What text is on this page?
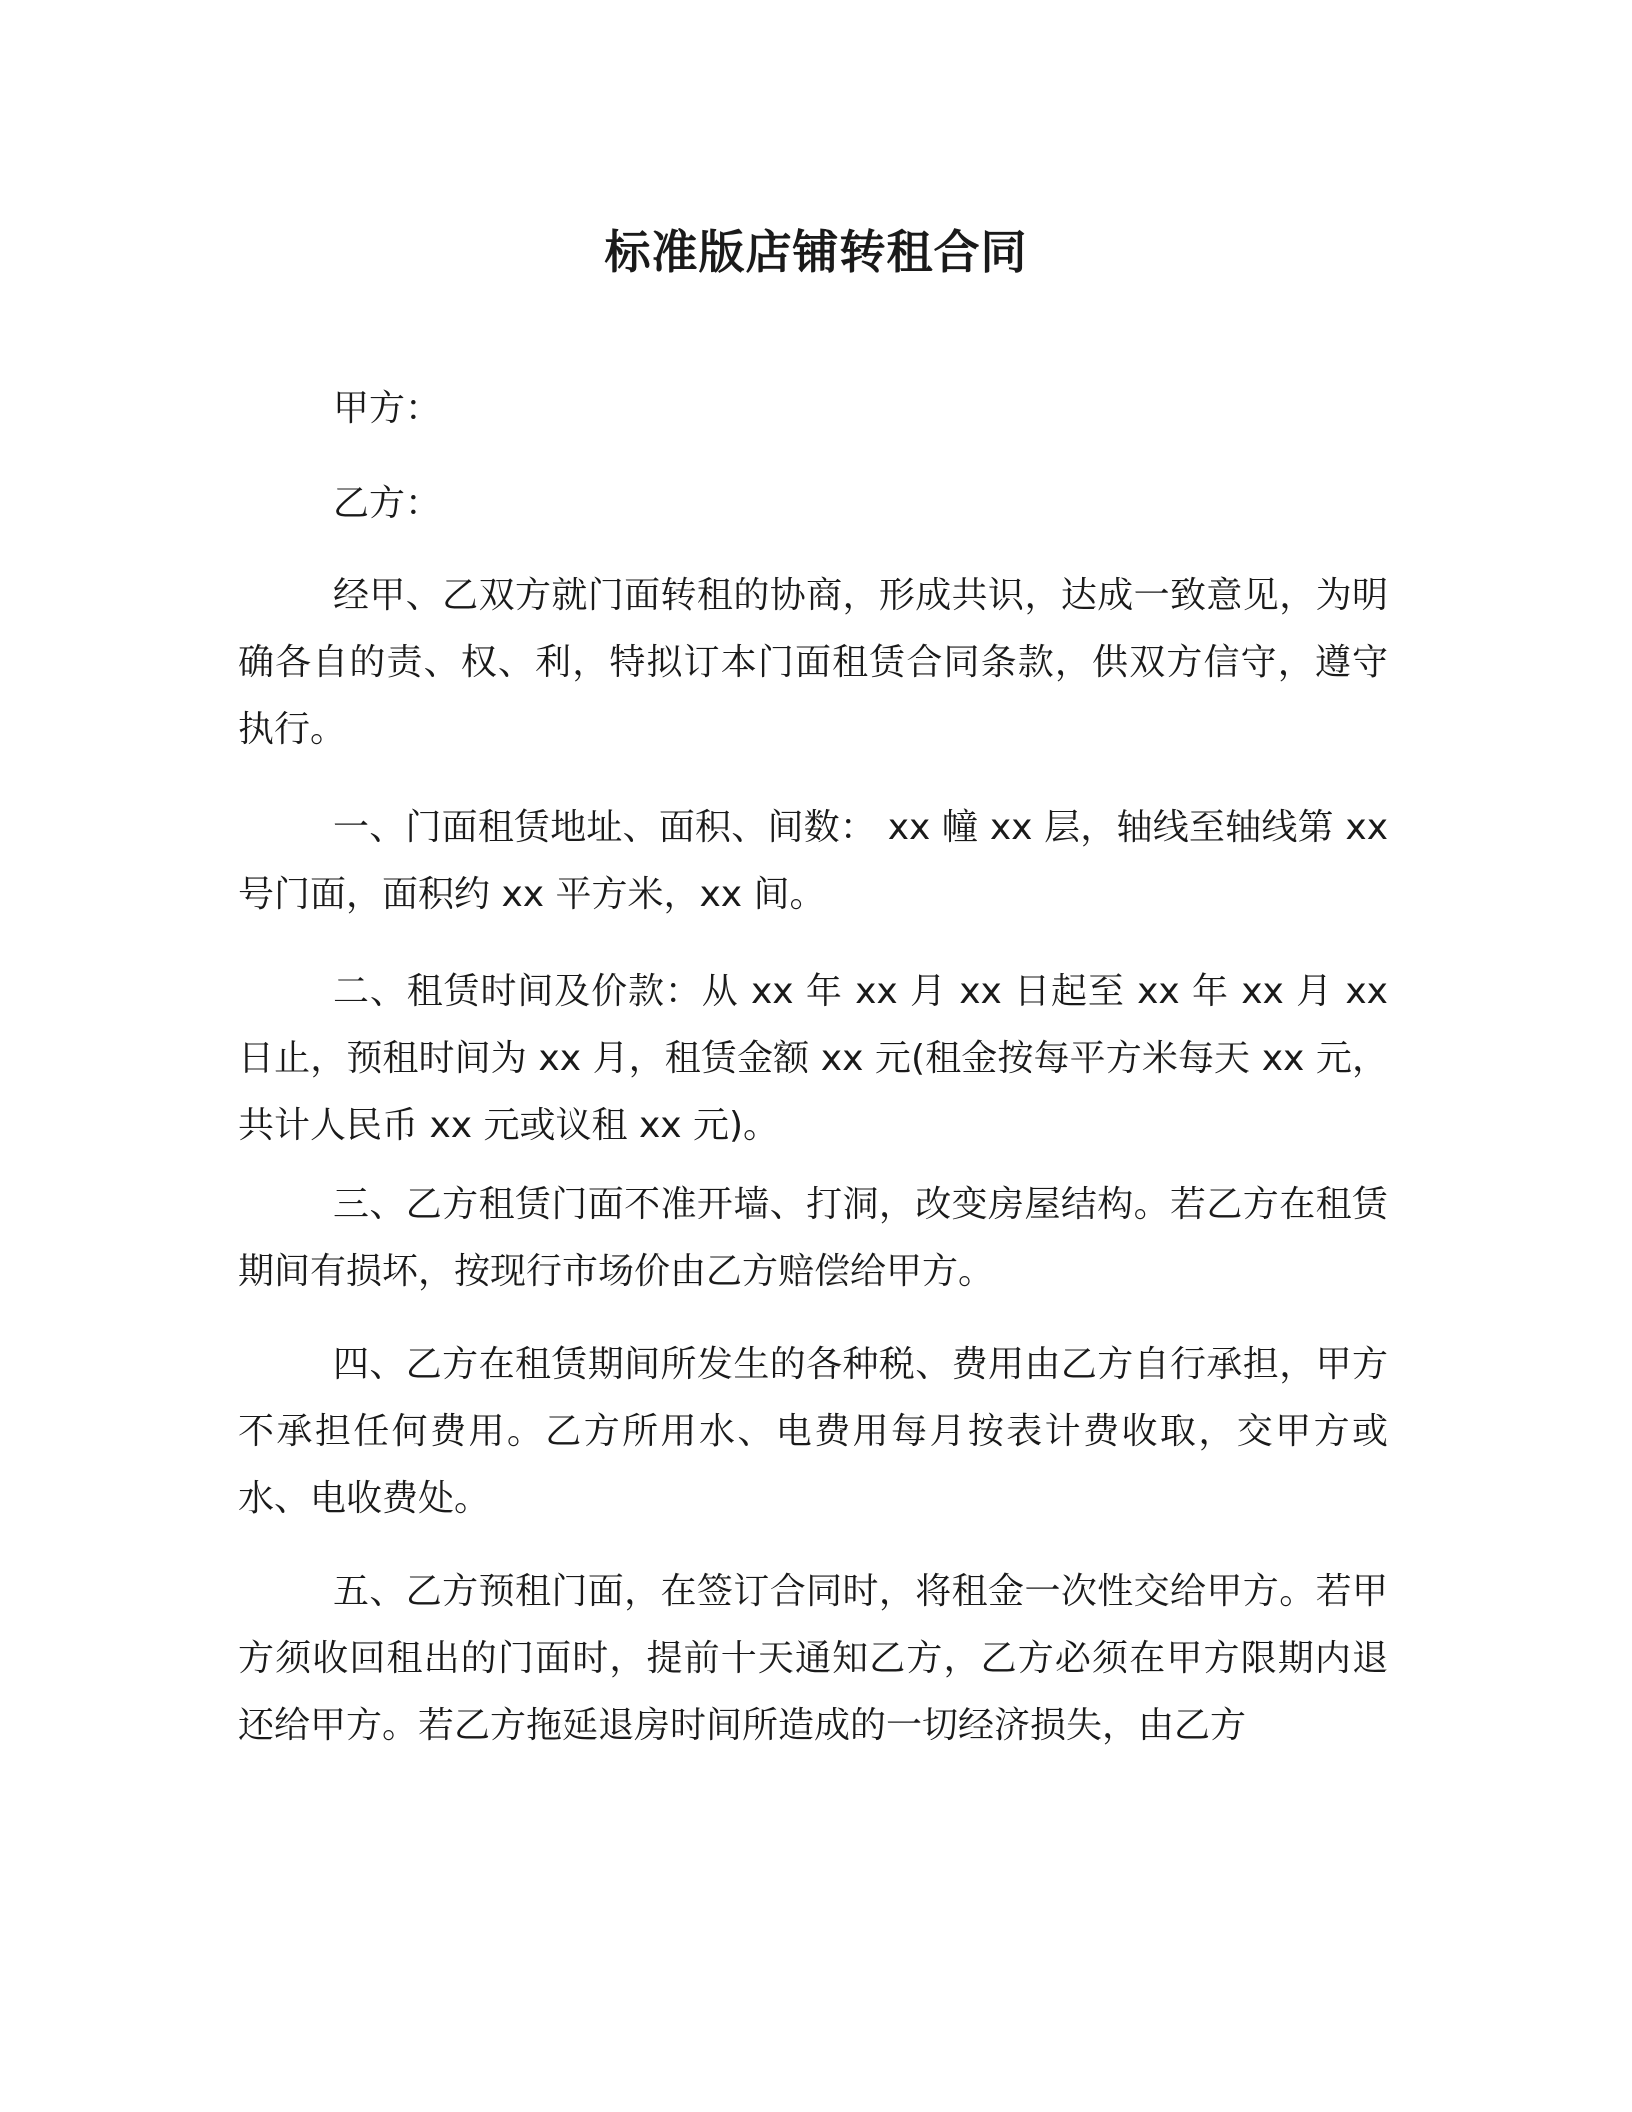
标准版店铺转租合同

甲方：

乙方：

经甲、乙双方就门面转租的协商，形成共识，达成一致意见，为明确各自的责、权、利，特拟订本门面租赁合同条款，供双方信守，遵守执行。

一、门面租赁地址、面积、间数： xx 幢 xx 层，轴线至轴线第 xx 号门面，面积约 xx 平方米，xx 间。

二、租赁时间及价款：从 xx 年 xx 月 xx 日起至 xx 年 xx 月 xx 日止，预租时间为 xx 月，租赁金额 xx 元(租金按每平方米每天 xx 元，共计人民币 xx 元或议租 xx 元)。

三、乙方租赁门面不准开墙、打洞，改变房屋结构。若乙方在租赁期间有损坏，按现行市场价由乙方赔偿给甲方。

四、乙方在租赁期间所发生的各种税、费用由乙方自行承担，甲方不承担任何费用。乙方所用水、电费用每月按表计费收取，交甲方或水、电收费处。

五、乙方预租门面，在签订合同时，将租金一次性交给甲方。若甲方须收回租出的门面时，提前十天通知乙方，乙方必须在甲方限期内退还给甲方。若乙方拖延退房时间所造成的一切经济损失，由乙方
